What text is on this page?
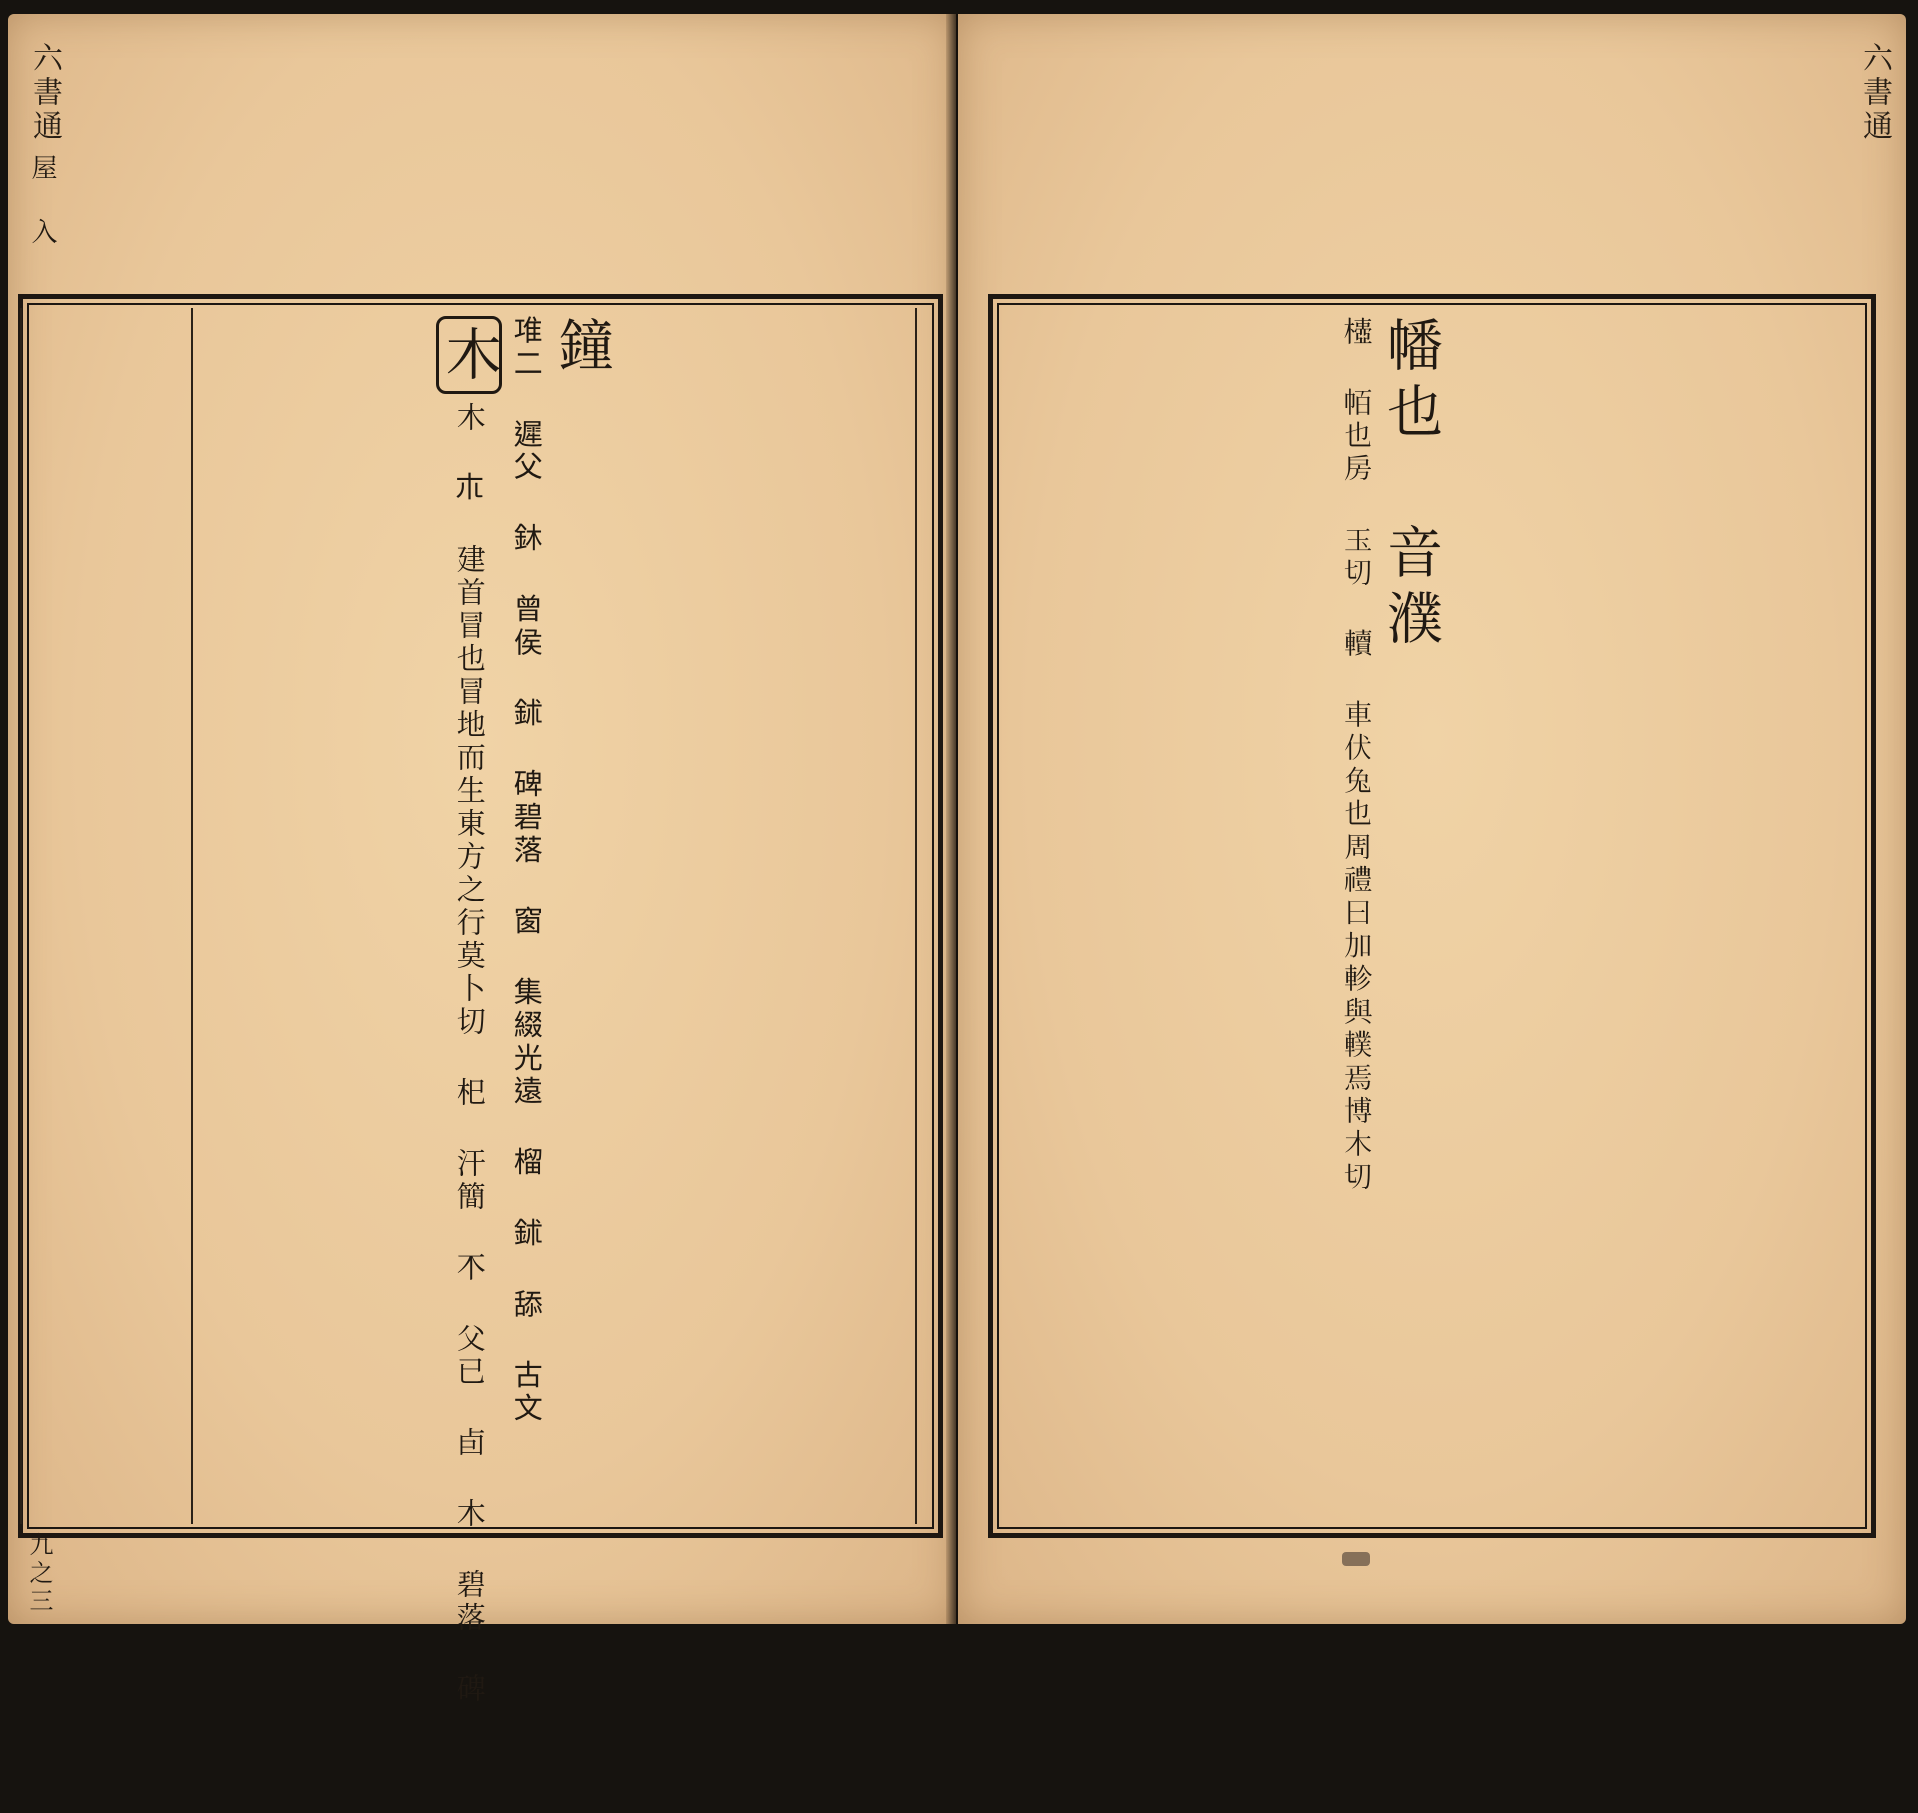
六書通
鐘
𨾊二 遲父 鈢 曾侯 鉥 碑碧落 窗 集綴光遠 榴 鉥 舔 古文
九之三
屋 入
六書通
幡也 音濮
𣝄 帞也房 玉切 𨏔 車伏兔也周禮曰加軫與轐焉博木切
木
木 𣎳 建首冒也冒地而生東方之行莫卜切 𣏌 汗簡 𣎴 父已 卣 木 碧落 碑
